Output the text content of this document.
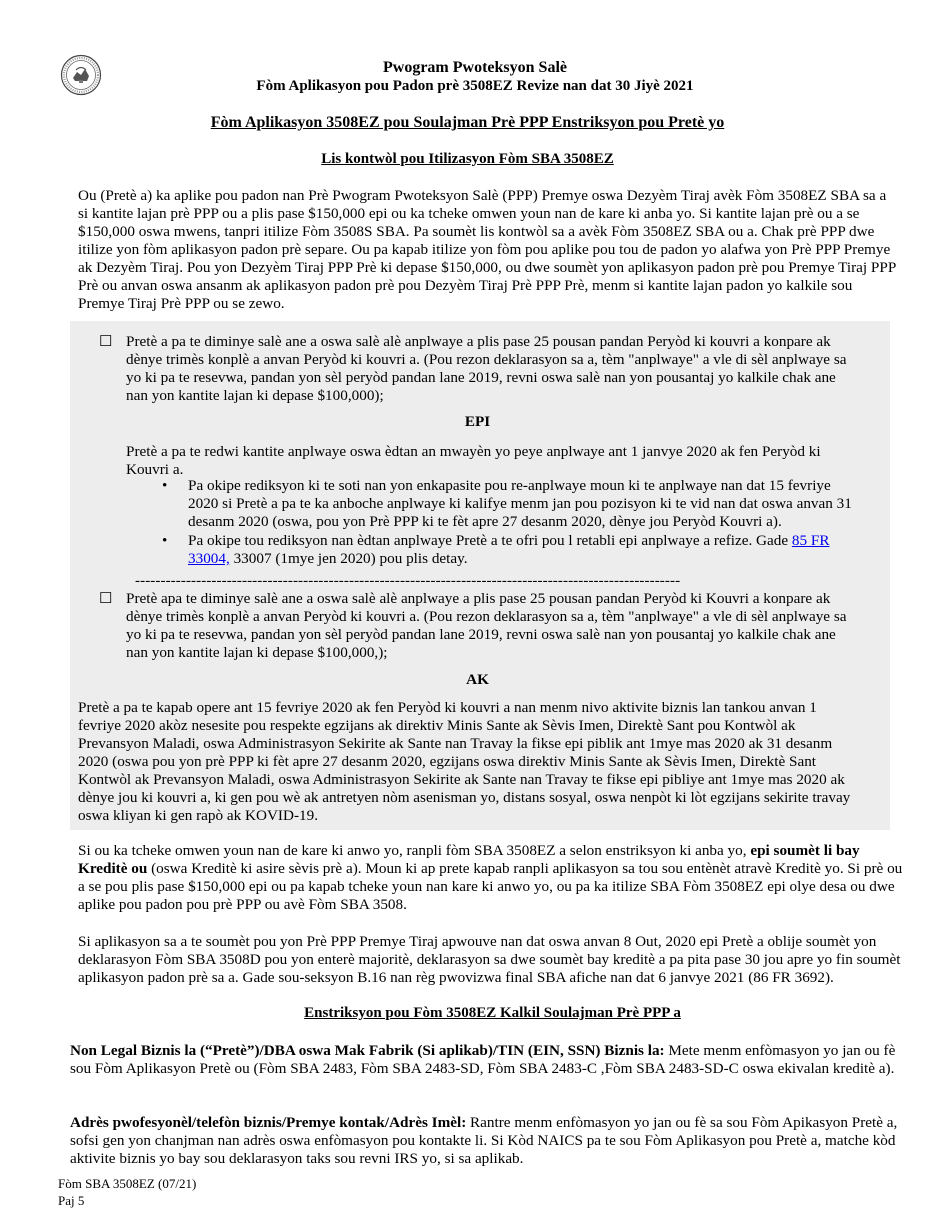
Pwogram Pwoteksyon Salè
Fòm Aplikasyon pou Padon prè 3508EZ Revize nan dat 30 Jiyè 2021
Fòm Aplikasyon 3508EZ pou Soulajman Prè PPP Enstriksyon pou Pretè yo
Lis kontwòl pou Itilizasyon Fòm SBA 3508EZ

Ou (Pretè a) ka aplike pou padon nan Prè Pwogram Pwoteksyon Salè (PPP) Premye oswa Dezyèm Tiraj avèk Fòm 3508EZ SBA sa a si kantite lajan prè PPP ou a plis pase $150,000 epi ou ka tcheke omwen youn nan de kare ki anba yo. Si kantite lajan prè ou a se $150,000 oswa mwens, tanpri itilize Fòm 3508S SBA. Pa soumèt lis kontwòl sa a avèk Fòm 3508EZ SBA ou a. Chak prè PPP dwe itilize yon fòm aplikasyon padon prè separe. Ou pa kapab itilize yon fòm pou aplike pou tou de padon yo alafwa yon Prè PPP Premye ak Dezyèm Tiraj. Pou yon Dezyèm Tiraj PPP Prè ki depase $150,000, ou dwe soumèt yon aplikasyon padon prè pou Premye Tiraj PPP Prè ou anvan oswa ansanm ak aplikasyon padon prè pou Dezyèm Tiraj Prè PPP Prè, menm si kantite lajan padon yo kalkile sou Premye Tiraj Prè PPP ou se zewo.

☐ Pretè a pa te diminye salè ane a oswa salè alè anplwaye a plis pase 25 pousan pandan Peryòd ki kouvri a konpare ak dènye trimès konplè a anvan Peryòd ki kouvri a. (Pou rezon deklarasyon sa a, tèm "anplwaye" a vle di sèl anplwaye sa yo ki pa te resevwa, pandan yon sèl peryòd pandan lane 2019, revni oswa salè nan yon pousantaj yo kalkile chak ane nan yon kantite lajan ki depase $100,000);

EPI

Pretè a pa te redwi kantite anplwaye oswa èdtan an mwayèn yo peye anplwaye ant 1 janvye 2020 ak fen Peryòd ki Kouvri a.

• Pa okipe rediksyon ki te soti nan yon enkapasite pou re-anplwaye moun ki te anplwaye nan dat 15 fevriye 2020 si Pretè a pa te ka anboche anplwaye ki kalifye menm jan pou pozisyon ki te vid nan dat oswa anvan 31 desanm 2020 (oswa, pou yon Prè PPP ki te fèt apre 27 desanm 2020, dènye jou Peryòd Kouvri a).
• Pa okipe tou rediksyon nan èdtan anplwaye Pretè a te ofri pou l retabli epi anplwaye a refize. Gade 85 FR 33004, 33007 (1mye jen 2020) pou plis detay.
-----------------------------------------------------------------------------------------------------------
☐ Pretè apa te diminye salè ane a oswa salè alè anplwaye a plis pase 25 pousan pandan Peryòd ki Kouvri a konpare ak dènye trimès konplè a anvan Peryòd ki kouvri a. (Pou rezon deklarasyon sa a, tèm "anplwaye" a vle di sèl anplwaye sa yo ki pa te resevwa, pandan yon sèl peryòd pandan lane 2019, revni oswa salè nan yon pousantaj yo kalkile chak ane nan yon kantite lajan ki depase $100,000,);

AK

Pretè a pa te kapab opere ant 15 fevriye 2020 ak fen Peryòd ki kouvri a nan menm nivo aktivite biznis lan tankou anvan 1 fevriye 2020 akòz nesesite pou respekte egzijans ak direktiv Minis Sante ak Sèvis Imen, Direktè Sant pou Kontwòl ak Prevansyon Maladi, oswa Administrasyon Sekirite ak Sante nan Travay la fikse epi piblik ant 1mye mas 2020 ak 31 desanm 2020 (oswa pou yon prè PPP ki fèt apre 27 desanm 2020, egzijans oswa direktiv Minis Sante ak Sèvis Imen, Direktè Sant Kontwòl ak Prevansyon Maladi, oswa Administrasyon Sekirite ak Sante nan Travay te fikse epi pibliye ant 1mye mas 2020 ak dènye jou ki kouvri a, ki gen pou wè ak antretyen nòm asenisman yo, distans sosyal, oswa nenpòt ki lòt egzijans sekirite travay oswa kliyan ki gen rapò ak KOVID-19.

Si ou ka tcheke omwen youn nan de kare ki anwo yo, ranpli fòm SBA 3508EZ a selon enstriksyon ki anba yo, epi soumèt li bay Kreditè ou (oswa Kreditè ki asire sèvis prè a). Moun ki ap prete kapab ranpli aplikasyon sa tou sou entènèt atravè Kreditè yo. Si prè ou a se pou plis pase $150,000 epi ou pa kapab tcheke youn nan kare ki anwo yo, ou pa ka itilize SBA Fòm 3508EZ epi olye desa ou dwe aplike pou padon pou prè PPP ou avè Fòm SBA 3508.

Si aplikasyon sa a te soumèt pou yon Prè PPP Premye Tiraj apwouve nan dat oswa anvan 8 Out, 2020 epi Pretè a oblije soumèt yon deklarasyon Fòm SBA 3508D pou yon enterè majoritè, deklarasyon sa dwe soumèt bay kreditè a pa pita pase 30 jou apre yo fin soumèt aplikasyon padon prè sa a. Gade sou-seksyon B.16 nan règ pwovizwa final SBA afiche nan dat 6 janvye 2021 (86 FR 3692).

Enstriksyon pou Fòm 3508EZ Kalkil Soulajman Prè PPP a

Non Legal Biznis la (“Pretè”)/DBA oswa Mak Fabrik (Si aplikab)/TIN (EIN, SSN) Biznis la: Mete menm enfòmasyon yo jan ou fè sou Fòm Aplikasyon Pretè ou (Fòm SBA 2483, Fòm SBA 2483-SD, Fòm SBA 2483-C ,Fòm SBA 2483-SD-C oswa ekivalan kreditè a).

Adrès pwofesyonèl/telefòn biznis/Premye kontak/Adrès Imèl: Rantre menm enfòmasyon yo jan ou fè sa sou Fòm Apikasyon Pretè a, sofsi gen yon chanjman nan adrès oswa enfòmasyon pou kontakte li. Si Kòd NAICS pa te sou Fòm Aplikasyon pou Pretè a, matche kòd aktivite biznis yo bay sou deklarasyon taks sou revni IRS yo, si sa aplikab.

Fòm SBA 3508EZ (07/21)
Paj 5
